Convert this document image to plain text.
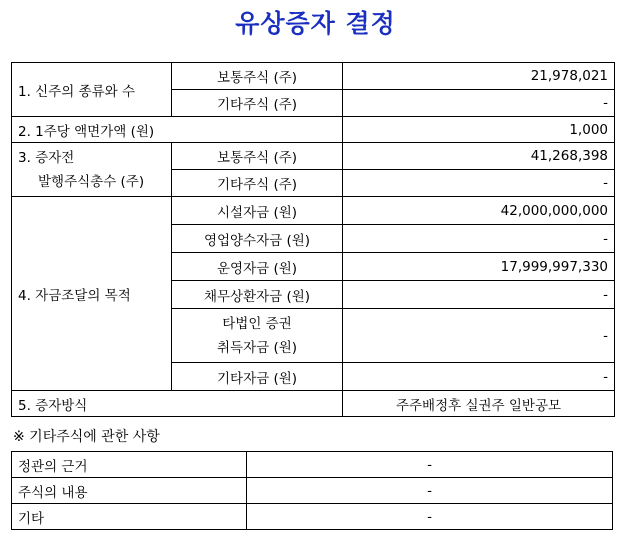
유상증자 결정
1. 신주의 종류와 수	보통주식 (주)	21,978,021
	기타주식 (주)	-
2. 1주당 액면가액 (원)		1,000

3. 증자전
발행주식총수 (주)	보통주식 (주)	41,268,398
	기타주식 (주)	-
4. 자금조달의 목적	시설자금 (원)	42,000,000,000
	영업양수자금 (원)	-
	운영자금 (원)	17,999,997,330
	채무상환자금 (원)	-

	타법인 증권
취득자금 (원)	-
	기타자금 (원)	-
5. 증자방식		주주배정후 실권주 일반공모
※ 기타주식에 관한 사항
정관의 근거	-
주식의 내용	-
기타	-
